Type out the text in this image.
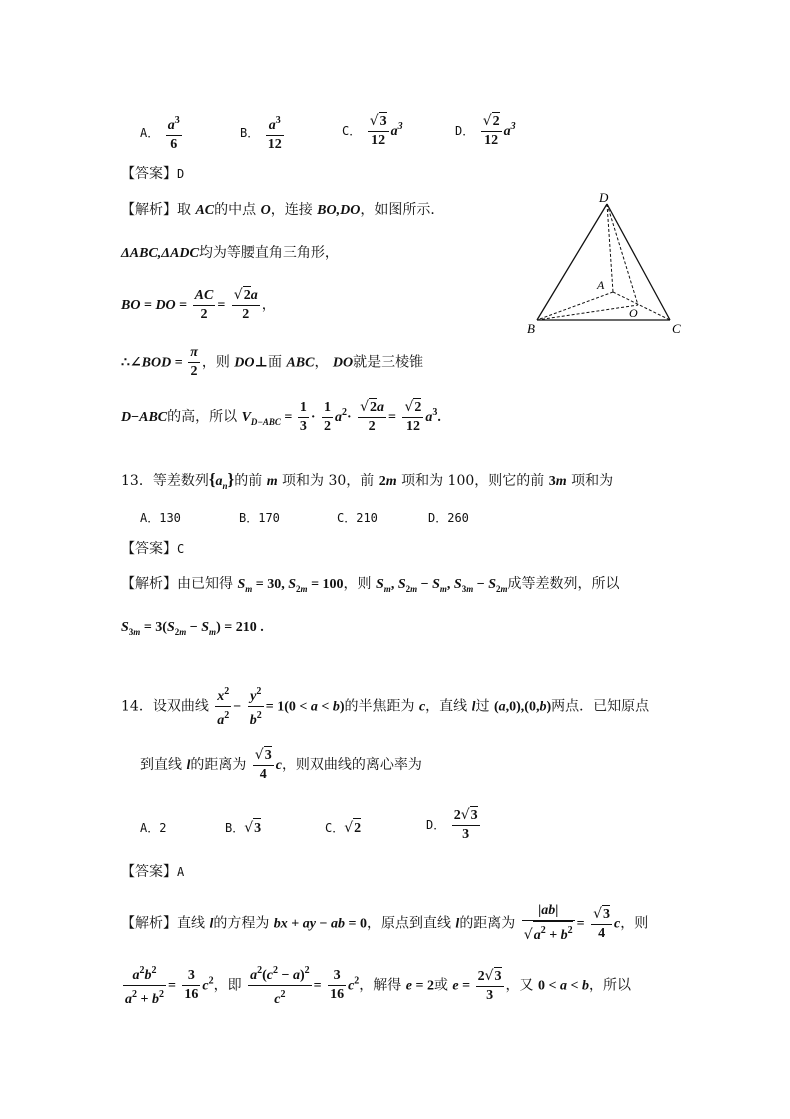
A． $\frac{a^3}{6}$	B． $\frac{a^3}{12}$	C． $\frac{√3}{12} a^3$	D． $\frac{√2}{12} a^3$
【答案】D
【解析】取 AC的中点 O，连接 BO,DO，如图所示．
ΔABC,ΔADC均为等腰直角三角形，
BO = DO = $\frac{AC}{2} = \frac{√2a}{2}$ ，
∴∠BOD = $\frac{\pi}{2}$ ，则 DO⊥面 ABC， DO就是三棱锥
D−ABC的高，所以 $V_{D-ABC} = \frac{1}{3} \cdot \frac{1}{2} a^2\cdot \frac{√2a}{2} = \frac{√2}{12} a^3$.
D
A
O
B	C
13．等差数列$\{a_n\}$的前 m 项和为 30，前 2m 项和为 100，则它的前 3m 项和为
A．130	B．170	C．210	D．260
【答案】C
【解析】由已知得 $S_m = 30$, $S_{2m} = 100$，则 $S_m$, $S_{2m} - S_m$, $S_{3m} - S_{2m}$成等差数列，所以
$S_{3m} = 3(S_{2m} - S_m) = 210$ .
14．设双曲线 $\frac{x^2}{a^2} - \frac{y^2}{b^2} = 1(0 < a < b)$的半焦距为 c，直线 l过 (a,0),(0,b)两点．已知原点
到直线 l的距离为 $\frac{√3}{4}$ c，则双曲线的离心率为
A．2	B．√3	C．√2	D． $\frac{2√3}{3}$
【答案】A
【解析】直线 l的方程为 bx + ay − ab = 0，原点到直线 l的距离为 $\frac{|ab|}{√a^2 + b^2} = \frac{√3}{4}$ c，则
$\frac{a^2b^2}{a^2 + b^2} = \frac{3}{16} c^2$，即 $\frac{a^2(c^2 - a)^2}{c^2} = \frac{3}{16} c^2$，解得 e = 2或 $e = \frac{2√3}{3}$ ，又 0 < a < b，所以
